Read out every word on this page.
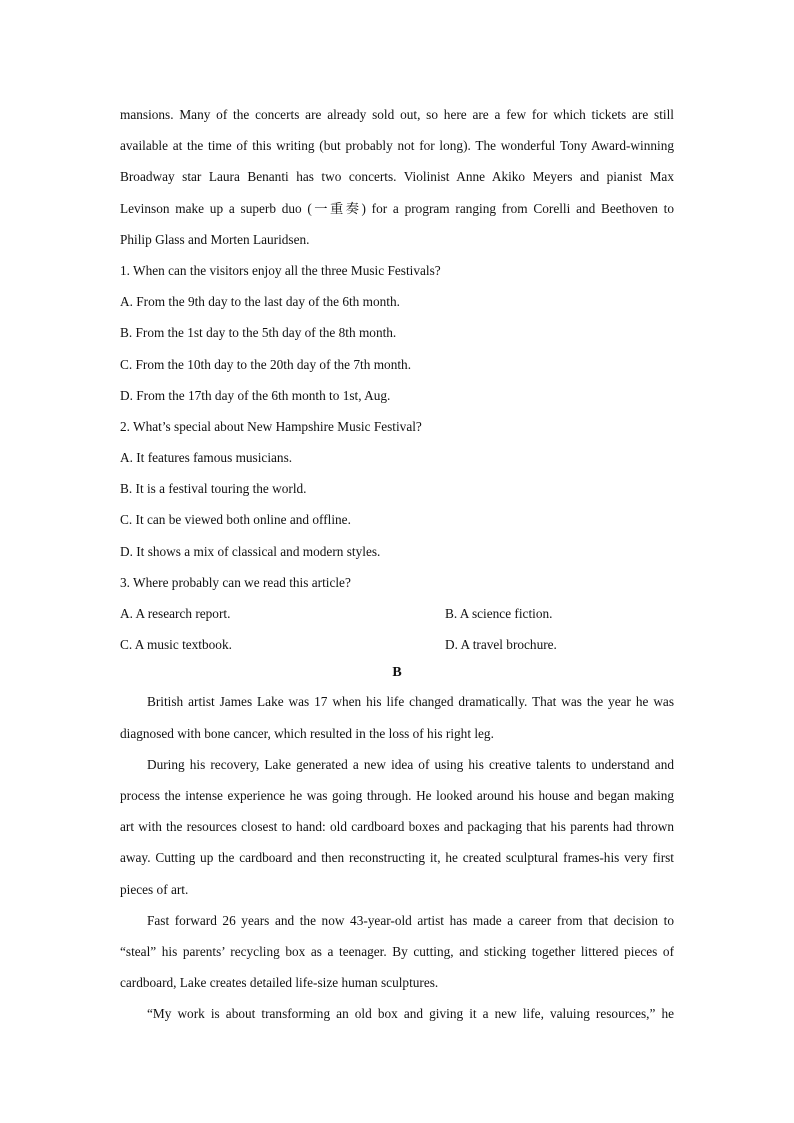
mansions. Many of the concerts are already sold out, so here are a few for which tickets are still
available at the time of this writing (but probably not for long). The wonderful Tony Award-winning
Broadway star Laura Benanti has two concerts. Violinist Anne Akiko Meyers and pianist Max
Levinson make up a superb duo (一重奏) for a program ranging from Corelli and Beethoven to
Philip Glass and Morten Lauridsen.
1. When can the visitors enjoy all the three Music Festivals?
A. From the 9th day to the last day of the 6th month.
B. From the 1st day to the 5th day of the 8th month.
C. From the 10th day to the 20th day of the 7th month.
D. From the 17th day of the 6th month to 1st, Aug.
2. What’s special about New Hampshire Music Festival?
A. It features famous musicians.
B. It is a festival touring the world.
C. It can be viewed both online and offline.
D. It shows a mix of classical and modern styles.
3. Where probably can we read this article?
A. A research report.	B. A science fiction.
C. A music textbook.	D. A travel brochure.
B
British artist James Lake was 17 when his life changed dramatically. That was the year he was
diagnosed with bone cancer, which resulted in the loss of his right leg.
During his recovery, Lake generated a new idea of using his creative talents to understand and
process the intense experience he was going through. He looked around his house and began making
art with the resources closest to hand: old cardboard boxes and packaging that his parents had thrown
away. Cutting up the cardboard and then reconstructing it, he created sculptural frames-his very first
pieces of art.
Fast forward 26 years and the now 43-year-old artist has made a career from that decision to
“steal” his parents’ recycling box as a teenager. By cutting, and sticking together littered pieces of
cardboard, Lake creates detailed life-size human sculptures.
“My work is about transforming an old box and giving it a new life, valuing resources,” he
